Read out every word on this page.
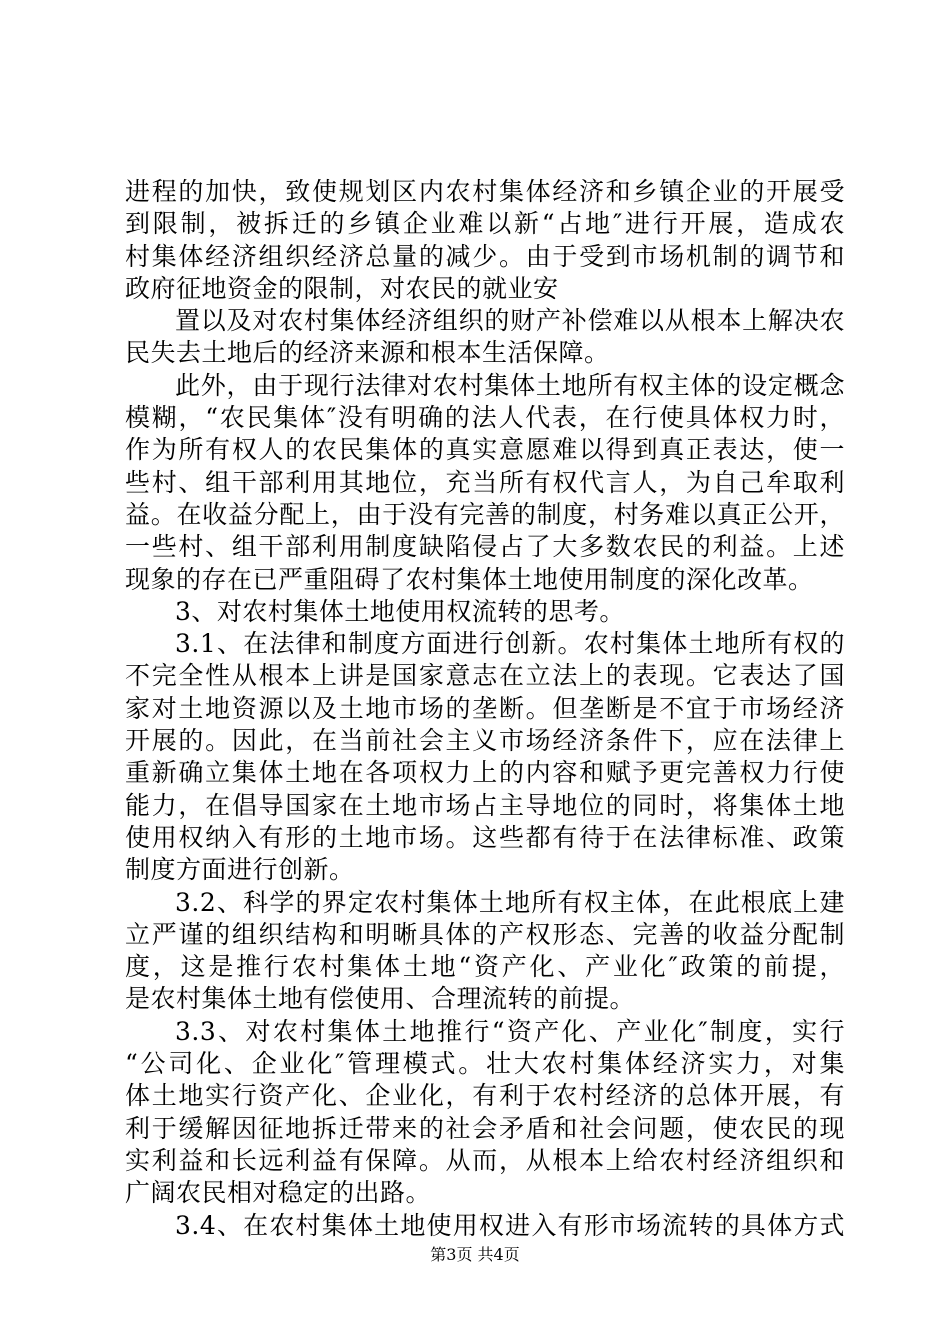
进程的加快，致使规划区内农村集体经济和乡镇企业的开展受
到限制，被拆迁的乡镇企业难以新“占地″进行开展，造成农
村集体经济组织经济总量的减少。由于受到市场机制的调节和
政府征地资金的限制，对农民的就业安
置以及对农村集体经济组织的财产补偿难以从根本上解决农
民失去土地后的经济来源和根本生活保障。
此外，由于现行法律对农村集体土地所有权主体的设定概念
模糊，“农民集体″没有明确的法人代表，在行使具体权力时，
作为所有权人的农民集体的真实意愿难以得到真正表达，使一
些村、组干部利用其地位，充当所有权代言人，为自己牟取利
益。在收益分配上，由于没有完善的制度，村务难以真正公开，
一些村、组干部利用制度缺陷侵占了大多数农民的利益。上述
现象的存在已严重阻碍了农村集体土地使用制度的深化改革。
3、对农村集体土地使用权流转的思考。
3.1、在法律和制度方面进行创新。农村集体土地所有权的
不完全性从根本上讲是国家意志在立法上的表现。它表达了国
家对土地资源以及土地市场的垄断。但垄断是不宜于市场经济
开展的。因此，在当前社会主义市场经济条件下，应在法律上
重新确立集体土地在各项权力上的内容和赋予更完善权力行使
能力，在倡导国家在土地市场占主导地位的同时，将集体土地
使用权纳入有形的土地市场。这些都有待于在法律标准、政策
制度方面进行创新。
3.2、科学的界定农村集体土地所有权主体，在此根底上建
立严谨的组织结构和明晰具体的产权形态、完善的收益分配制
度，这是推行农村集体土地“资产化、产业化″政策的前提，
是农村集体土地有偿使用、合理流转的前提。
3.3、对农村集体土地推行“资产化、产业化″制度，实行
“公司化、企业化″管理模式。壮大农村集体经济实力，对集
体土地实行资产化、企业化，有利于农村经济的总体开展，有
利于缓解因征地拆迁带来的社会矛盾和社会问题，使农民的现
实利益和长远利益有保障。从而，从根本上给农村经济组织和
广阔农民相对稳定的出路。
3.4、在农村集体土地使用权进入有形市场流转的具体方式
第3页 共4页
